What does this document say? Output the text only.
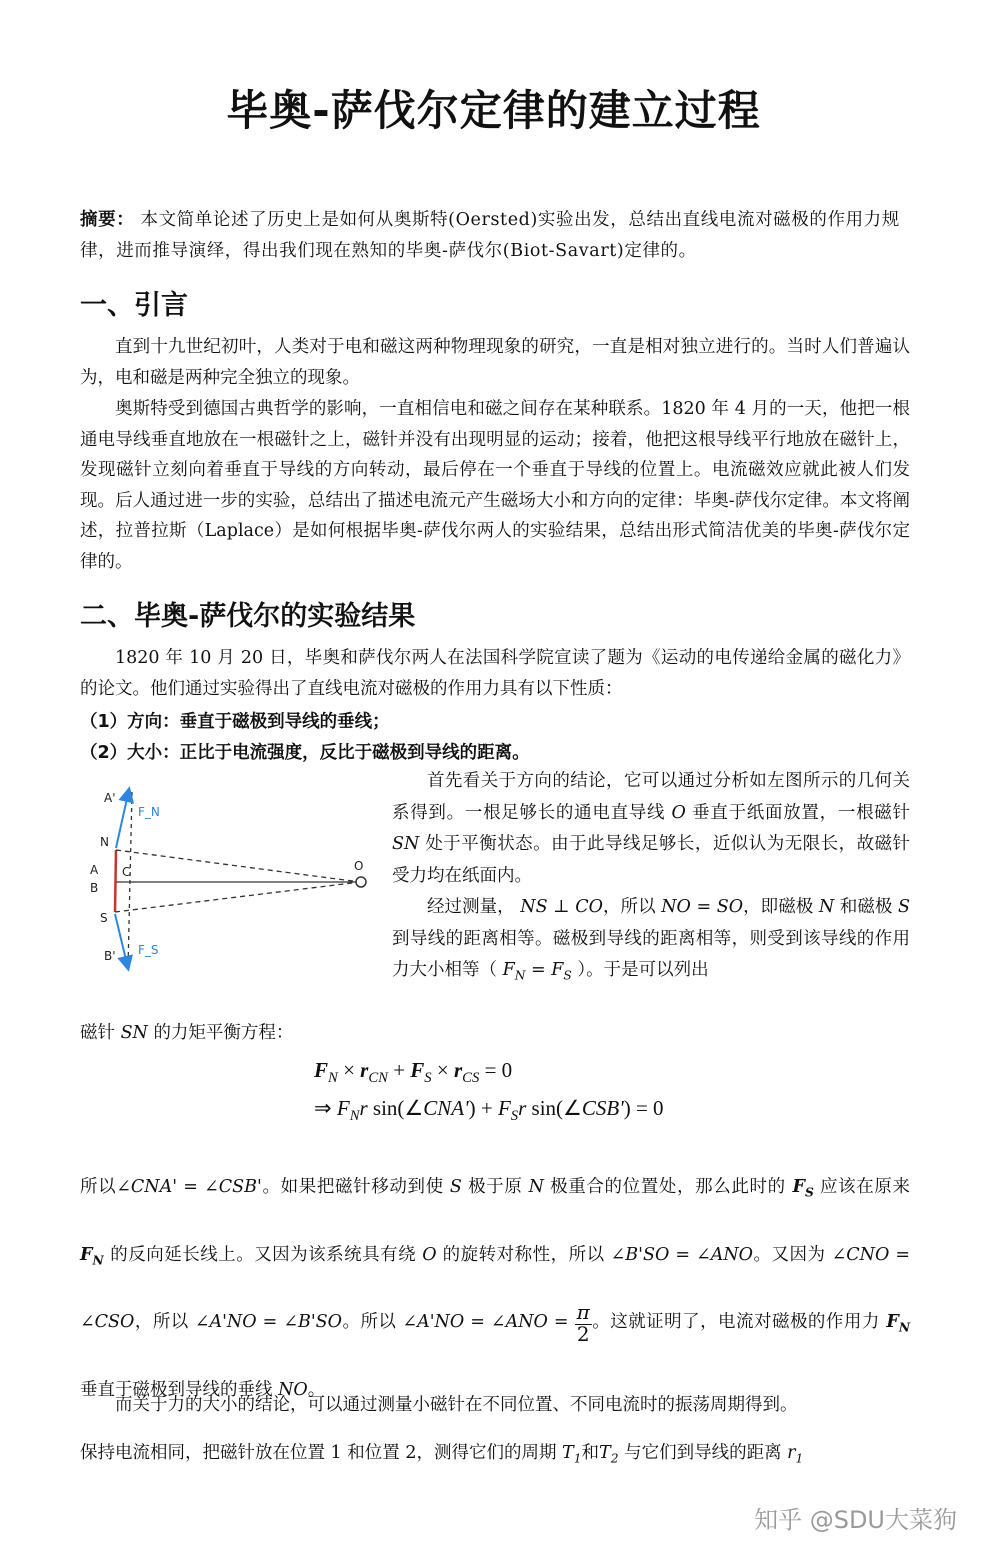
毕奥-萨伐尔定律的建立过程
摘要： 本文简单论述了历史上是如何从奥斯特(Oersted)实验出发，总结出直线电流对磁极的作用力规律，进而推导演绎，得出我们现在熟知的毕奥-萨伐尔(Biot-Savart)定律的。
一、引言
直到十九世纪初叶，人类对于电和磁这两种物理现象的研究，一直是相对独立进行的。当时人们普遍认为，电和磁是两种完全独立的现象。
奥斯特受到德国古典哲学的影响，一直相信电和磁之间存在某种联系。1820 年 4 月的一天，他把一根通电导线垂直地放在一根磁针之上，磁针并没有出现明显的运动；接着，他把这根导线平行地放在磁针上，发现磁针立刻向着垂直于导线的方向转动，最后停在一个垂直于导线的位置上。电流磁效应就此被人们发现。后人通过进一步的实验，总结出了描述电流元产生磁场大小和方向的定律：毕奥-萨伐尔定律。本文将阐述，拉普拉斯（Laplace）是如何根据毕奥-萨伐尔两人的实验结果，总结出形式简洁优美的毕奥-萨伐尔定律的。
二、毕奥-萨伐尔的实验结果
1820 年 10 月 20 日，毕奥和萨伐尔两人在法国科学院宣读了题为《运动的电传递给金属的磁化力》的论文。他们通过实验得出了直线电流对磁极的作用力具有以下性质：
（1）方向：垂直于磁极到导线的垂线；
（2）大小：正比于电流强度，反比于磁极到导线的距离。
A'
F_N
N
A C
B
S
F_S
B'
O
首先看关于方向的结论，它可以通过分析如左图所示的几何关系得到。一根足够长的通电直导线 O 垂直于纸面放置，一根磁针 SN 处于平衡状态。由于此导线足够长，近似认为无限长，故磁针受力均在纸面内。
经过测量， NS ⊥ CO，所以 NO = SO，即磁极 N 和磁极 S 到导线的距离相等。磁极到导线的距离相等，则受到该导线的作用力大小相等（ $F_N = F_S$ ）。于是可以列出
磁针 SN 的力矩平衡方程：
$F_N \times r_{CN} + F_S \times r_{CS} = 0$
⇒ $F_Nr$ sin(∠CNA') + $F_Sr$ sin(∠CSB') = 0
所以∠CNA' = ∠CSB'。如果把磁针移动到使 S 极于原 N 极重合的位置处，那么此时的 $F_S$ 应该在原来 $F_N$ 的反向延长线上。又因为该系统具有绕 O 的旋转对称性，所以 ∠B'SO = ∠ANO。又因为 ∠CNO = ∠CSO，所以 ∠A'NO = ∠B'SO。所以 ∠A'NO = ∠ANO = $\frac{\pi}{2}$。这就证明了，电流对磁极的作用力 $F_N$ 垂直于磁极到导线的垂线 NO。
而关于力的大小的结论，可以通过测量小磁针在不同位置、不同电流时的振荡周期得到。
保持电流相同，把磁针放在位置 1 和位置 2，测得它们的周期 $T_1$和$T_2$ 与它们到导线的距离 $r_1$
知乎 @SDU大菜狗
